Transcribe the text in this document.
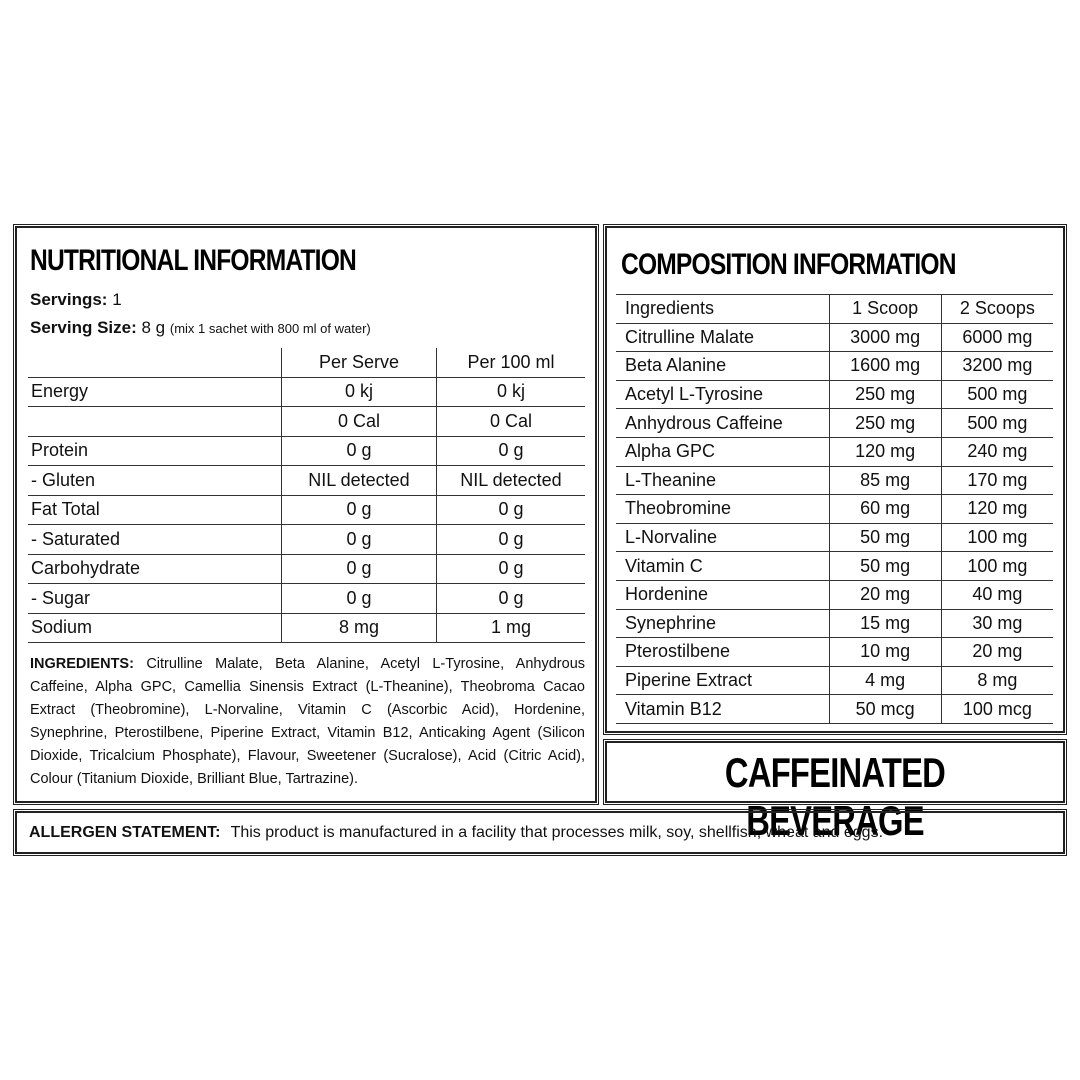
NUTRITIONAL INFORMATION
Servings: 1
Serving Size: 8 g (mix 1 sachet with 800 ml of water)
	Per Serve	Per 100 ml
Energy	0 kj	0 kj
	0 Cal	0 Cal
Protein	0 g	0 g
- Gluten	NIL detected	NIL detected
Fat Total	0 g	0 g
- Saturated	0 g	0 g
Carbohydrate	0 g	0 g
- Sugar	0 g	0 g
Sodium	8 mg	1 mg
INGREDIENTS: Citrulline Malate, Beta Alanine, Acetyl L-Tyrosine, Anhydrous Caffeine, Alpha GPC, Camellia Sinensis Extract (L-Theanine), Theobroma Cacao Extract (Theobromine), L-Norvaline, Vitamin C (Ascorbic Acid), Hordenine, Synephrine, Pterostilbene, Piperine Extract, Vitamin B12, Anticaking Agent (Silicon Dioxide, Tricalcium Phosphate), Flavour, Sweetener (Sucralose), Acid (Citric Acid), Colour (Titanium Dioxide, Brilliant Blue, Tartrazine).
COMPOSITION INFORMATION
Ingredients	1 Scoop	2 Scoops
Citrulline Malate	3000 mg	6000 mg
Beta Alanine	1600 mg	3200 mg
Acetyl L-Tyrosine	250 mg	500 mg
Anhydrous Caffeine	250 mg	500 mg
Alpha GPC	120 mg	240 mg
L-Theanine	85 mg	170 mg
Theobromine	60 mg	120 mg
L-Norvaline	50 mg	100 mg
Vitamin C	50 mg	100 mg
Hordenine	20 mg	40 mg
Synephrine	15 mg	30 mg
Pterostilbene	10 mg	20 mg
Piperine Extract	4 mg	8 mg
Vitamin B12	50 mcg	100 mcg
CAFFEINATED BEVERAGE
ALLERGEN STATEMENT: This product is manufactured in a facility that processes milk, soy, shellfish, wheat and eggs.
